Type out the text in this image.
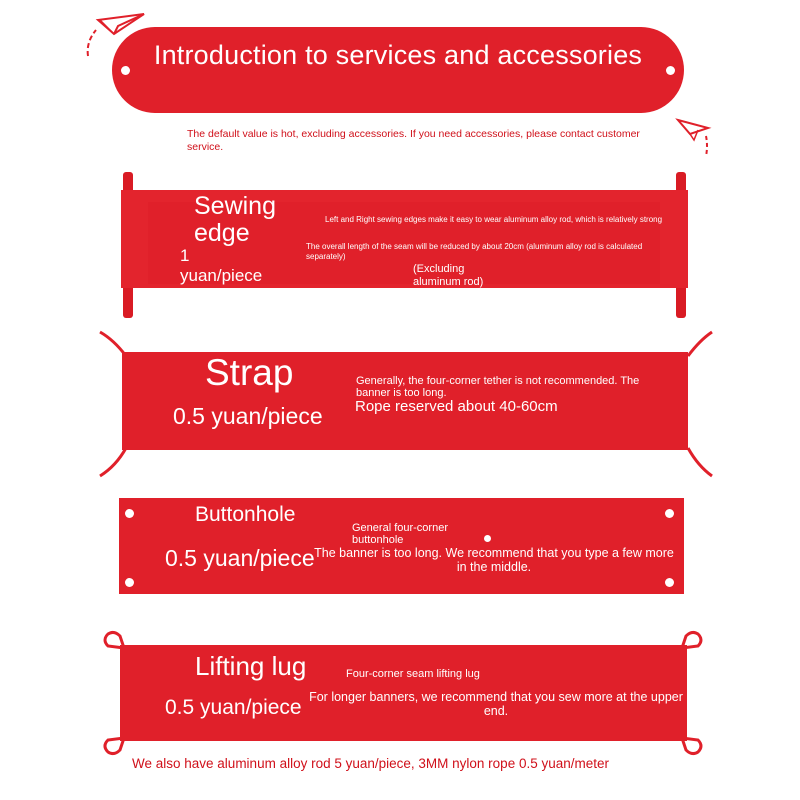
Introduction to services and accessories
The default value is hot, excluding accessories. If you need accessories, please contact customer service.
Sewing
edge
1
yuan/piece
Left and Right sewing edges make it easy to wear aluminum alloy rod, which is relatively strong
The overall length of the seam will be reduced by about 20cm (aluminum alloy rod is calculated separately)
(Excluding aluminum rod)
Strap
0.5 yuan/piece
Generally, the four-corner tether is not recommended. The banner is too long.
Rope reserved about 40-60cm
Buttonhole
0.5 yuan/piece
General four-corner buttonhole
The banner is too long. We recommend that you type a few more in the middle.
Lifting lug
0.5 yuan/piece
Four-corner seam lifting lug
For longer banners, we recommend that you sew more at the upper end.
We also have aluminum alloy rod 5 yuan/piece, 3MM nylon rope 0.5 yuan/meter
